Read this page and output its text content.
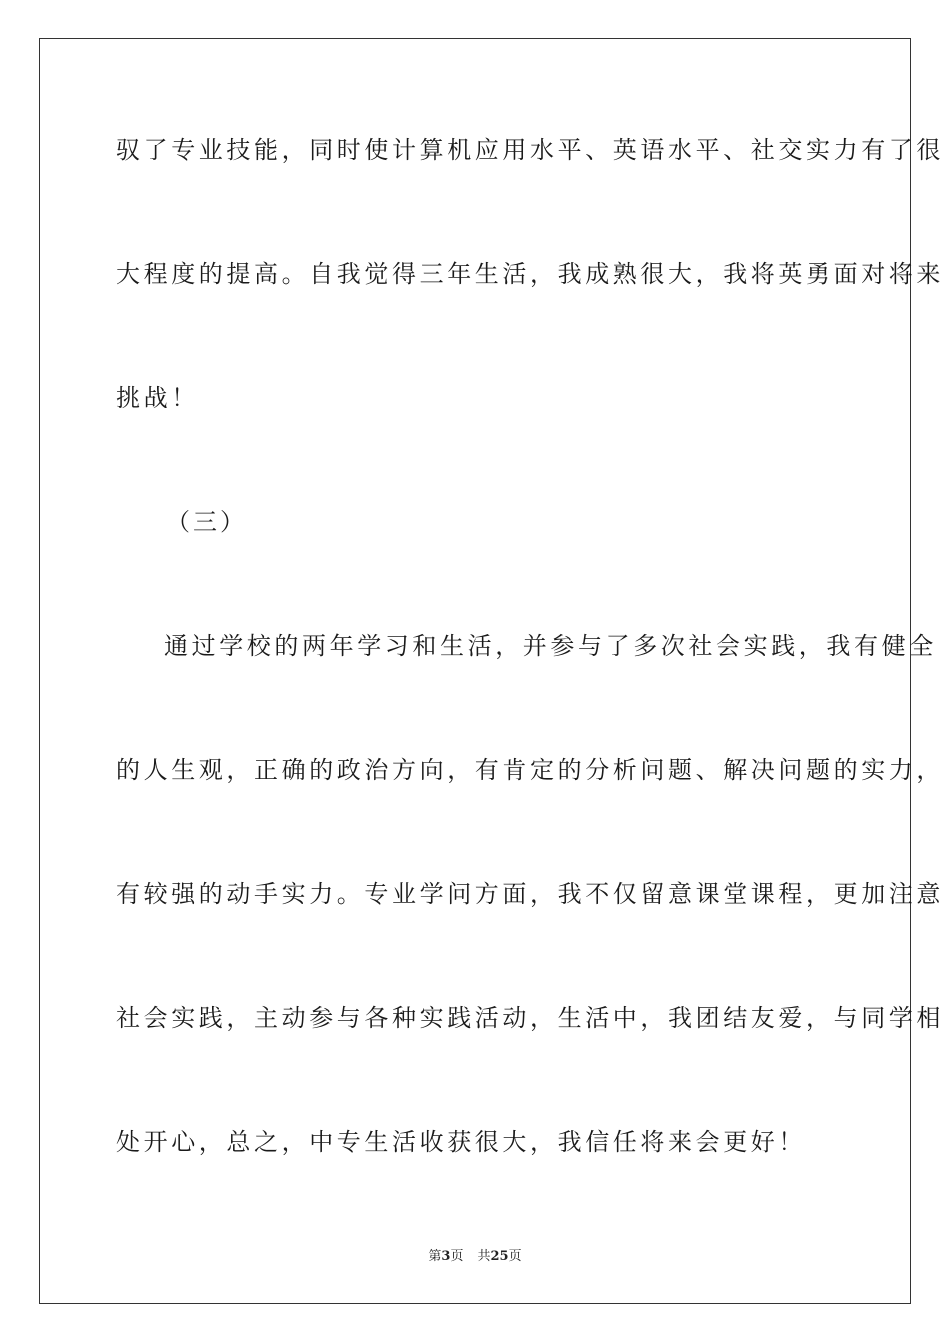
驭了专业技能，同时使计算机应用水平、英语水平、社交实力有了很
大程度的提高。自我觉得三年生活，我成熟很大，我将英勇面对将来
挑战！
（三）
通过学校的两年学习和生活，并参与了多次社会实践，我有健全
的人生观，正确的政治方向，有肯定的分析问题、解决问题的实力，
有较强的动手实力。专业学问方面，我不仅留意课堂课程，更加注意
社会实践，主动参与各种实践活动，生活中，我团结友爱，与同学相
处开心，总之，中专生活收获很大，我信任将来会更好！
第3页 共25页
